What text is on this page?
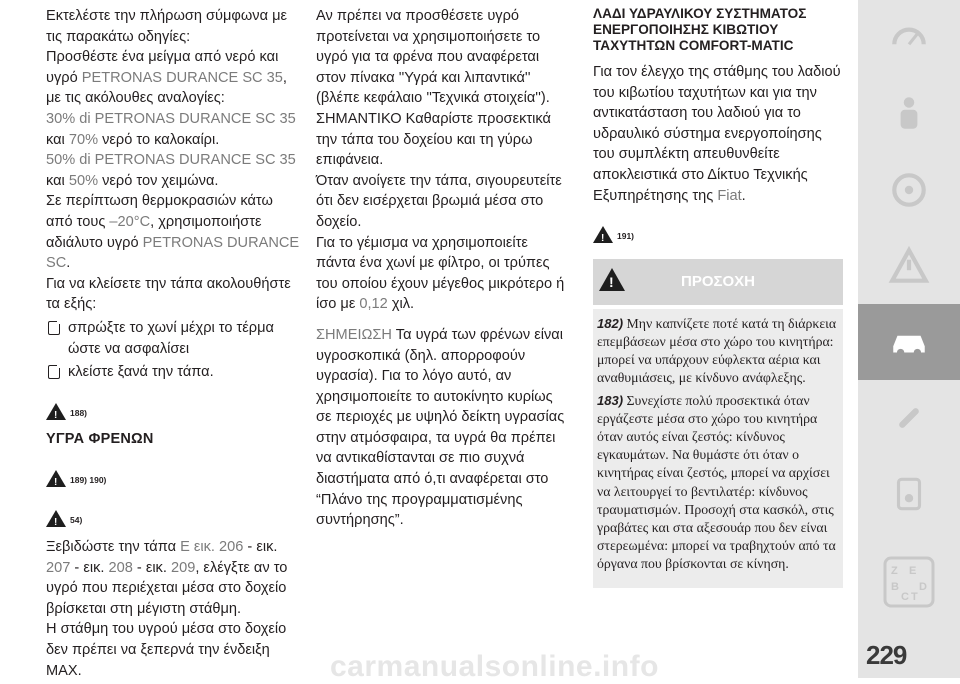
Εκτελέστε την πλήρωση σύμφωνα με τις παρακάτω οδηγίες:

Προσθέστε ένα μείγμα από νερό και υγρό PETRONAS DURANCE SC 35, με τις ακόλουθες αναλογίες:

30% di PETRONAS DURANCE SC 35
και 70% νερό το καλοκαίρι.

50% di PETRONAS DURANCE SC 35
και 50% νερό τον χειμώνα.

Σε περίπτωση θερμοκρασιών κάτω από τους –20°C, χρησιμοποιήστε αδιάλυτο υγρό PETRONAS DURANCE SC.

Για να κλείσετε την τάπα ακολουθήστε τα εξής:

σπρώξτε το χωνί μέχρι το τέρμα ώστε να ασφαλίσει
κλείστε ξανά την τάπα.
!
188)
ΥΓΡΑ ΦΡΕΝΩΝ
!
189) 190)
!
54)

Ξεβιδώστε την τάπα Ε εικ. 206 - εικ. 207 - εικ. 208 - εικ. 209, ελέγξτε αν το υγρό που περιέχεται μέσα στο δοχείο βρίσκεται στη μέγιστη στάθμη.

Η στάθμη του υγρού μέσα στο δοχείο δεν πρέπει να ξεπερνά την ένδειξη MAX.

Αν πρέπει να προσθέσετε υγρό προτείνεται να χρησιμοποιήσετε το υγρό για τα φρένα που αναφέρεται στον πίνακα ''Υγρά και λιπαντικά'' (βλέπε κεφάλαιο ''Τεχνικά στοιχεία'').

ΣΗΜΑΝΤΙΚΟ Καθαρίστε προσεκτικά την τάπα του δοχείου και τη γύρω επιφάνεια.

Όταν ανοίγετε την τάπα, σιγουρευτείτε ότι δεν εισέρχεται βρωμιά μέσα στο δοχείο.

Για το γέμισμα να χρησιμοποιείτε πάντα ένα χωνί με φίλτρο, οι τρύπες του οποίου έχουν μέγεθος μικρότερο ή ίσο με 0,12 χιλ.

ΣΗΜΕΙΩΣΗ Τα υγρά των φρένων είναι υγροσκοπικά (δηλ. απορροφούν υγρασία). Για το λόγο αυτό, αν χρησιμοποιείτε το αυτοκίνητο κυρίως σε περιοχές με υψηλό δείκτη υγρασίας στην ατμόσφαιρα, τα υγρά θα πρέπει να αντικαθίστανται σε πιο συχνά διαστήματα από ό,τι αναφέρεται στο “Πλάνο της προγραμματισμένης συντήρησης”.

ΛΑΔΙ ΥΔΡΑΥΛΙΚΟΥ ΣΥΣΤΗΜΑΤΟΣ ΕΝΕΡΓΟΠΟΙΗΣΗΣ ΚΙΒΩΤΙΟΥ ΤΑΧΥΤΗΤΩΝ COMFORT-MATIC

Για τον έλεγχο της στάθμης του λαδιού του κιβωτίου ταχυτήτων και για την αντικατάσταση του λαδιού για το υδραυλικό σύστημα ενεργοποίησης του συμπλέκτη απευθυνθείτε αποκλειστικά στο Δίκτυο Τεχνικής Εξυπηρέτησης της Fiat.

!
191)
!
ΠΡΟΣΟΧΗ

182) Μην καπνίζετε ποτέ κατά τη διάρκεια επεμβάσεων μέσα στο χώρο του κινητήρα: μπορεί να υπάρχουν εύφλεκτα αέρια και αναθυμιάσεις, με κίνδυνο ανάφλεξης.

183) Συνεχίστε πολύ προσεκτικά όταν εργάζεστε μέσα στο χώρο του κινητήρα όταν αυτός είναι ζεστός: κίνδυνος εγκαυμάτων. Να θυμάστε ότι όταν ο κινητήρας είναι ζεστός, μπορεί να αρχίσει να λειτουργεί το βεντιλατέρ: κίνδυνος τραυματισμών. Προσοχή στα κασκόλ, στις γραβάτες και στα αξεσουάρ που δεν είναι στερεωμένα: μπορεί να τραβηχτούν από τα όργανα που βρίσκονται σε κίνηση.	Z E
B
C T
D
229
carmanualsonline.info
